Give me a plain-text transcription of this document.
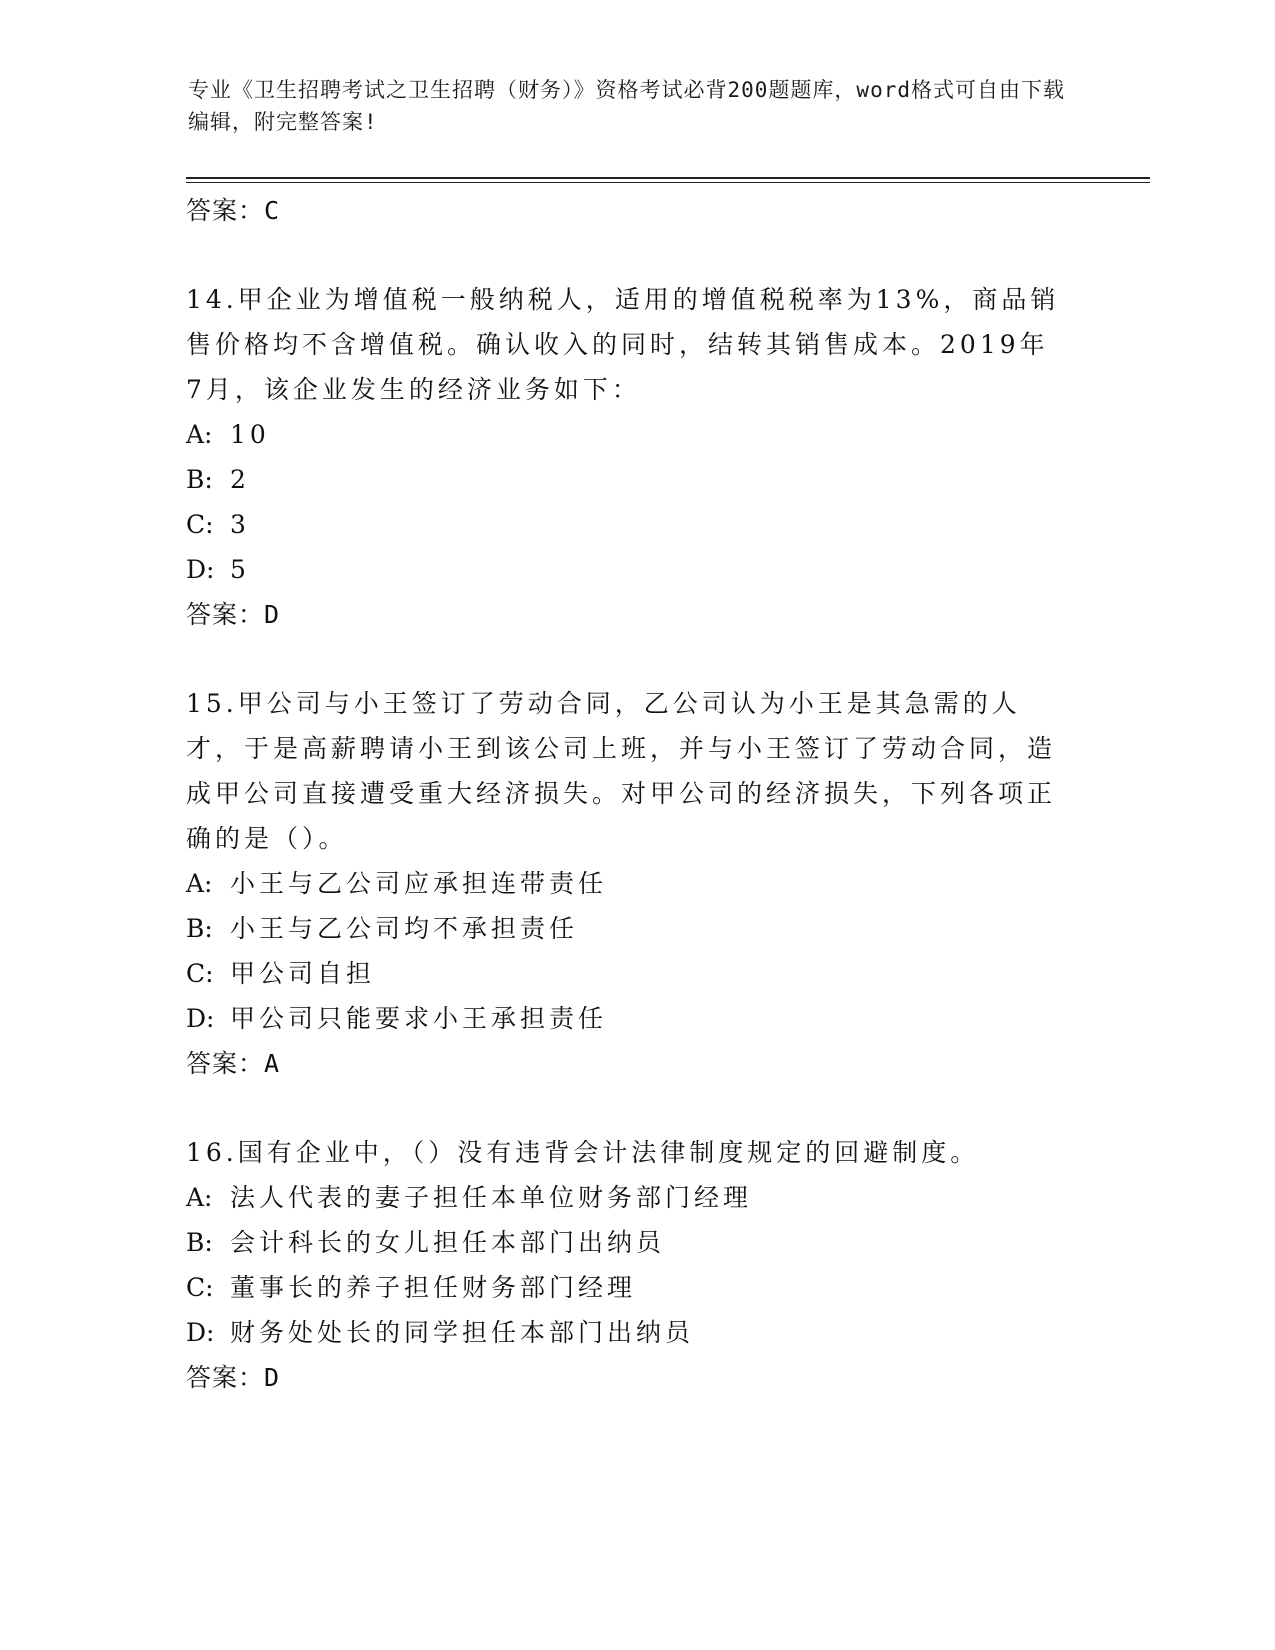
专业《卫生招聘考试之卫生招聘（财务）》资格考试必背200题题库，word格式可自由下载编辑，附完整答案!
答案：C

14.甲企业为增值税一般纳税人，适用的增值税税率为13%，商品销售价格均不含增值税。确认收入的同时，结转其销售成本。2019年7月，该企业发生的经济业务如下：

A: 10
B: 2
C: 3
D: 5
答案：D

15.甲公司与小王签订了劳动合同，乙公司认为小王是其急需的人才，于是高薪聘请小王到该公司上班，并与小王签订了劳动合同，造成甲公司直接遭受重大经济损失。对甲公司的经济损失，下列各项正确的是（）。

A: 小王与乙公司应承担连带责任
B: 小王与乙公司均不承担责任
C: 甲公司自担
D: 甲公司只能要求小王承担责任
答案：A

16.国有企业中，（）没有违背会计法律制度规定的回避制度。

A: 法人代表的妻子担任本单位财务部门经理
B: 会计科长的女儿担任本部门出纳员
C: 董事长的养子担任财务部门经理
D: 财务处处长的同学担任本部门出纳员
答案：D
